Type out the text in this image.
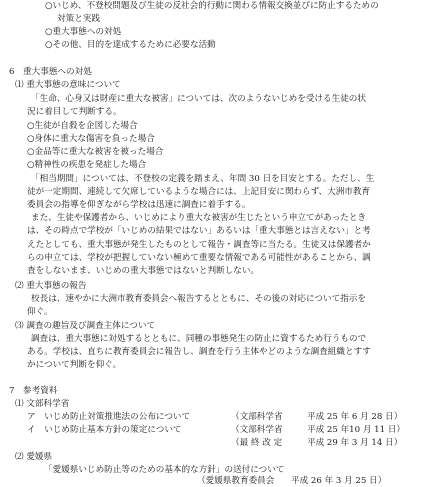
○いじめ、不登校問題及び生徒の反社会的行動に関わる情報交換並びに防止するための
対策と実践
○重大事態への対処
○その他、目的を達成するために必要な活動
6　重大事態への対処
⑴ 重大事態の意味について
「生命、心身又は財産に重大な被害」については、次のようないじめを受ける生徒の状
況に着目して判断する。
○生徒が自殺を企図した場合
○身体に重大な傷害を負った場合
○金品等に重大な被害を被った場合
○精神性の疾患を発症した場合
「相当期間」については、不登校の定義を踏まえ、年間 30 日を目安とする。ただし、生
徒が一定期間、連続して欠席しているような場合には、上記目安に関わらず、大洲市教育
委員会の指導を仰ぎながら学校は迅速に調査に着手する。
また、生徒や保護者から、いじめにより重大な被害が生じたという申立てがあったとき
は、その時点で学校が「いじめの結果ではない」あるいは「重大事態とは言えない」と考
えたとしても、重大事態が発生したものとして報告・調査等に当たる。生徒又は保護者か
らの申立ては、学校が把握していない極めて重要な情報である可能性があることから、調
査をしないまま、いじめの重大事態ではないと判断しない。
⑵ 重大事態の報告
校長は、速やかに大洲市教育委員会へ報告するとともに、その後の対応について指示を
仰ぐ。
⑶ 調査の趣旨及び調査主体について
調査は、重大事態に対処するとともに、同種の事態発生の防止に資するため行うもので
ある。学校は、直ちに教育委員会に報告し、調査を行う主体やどのような調査組織とすす
かについて判断を仰ぐ。
7　参考資料
⑴ 文部科学省
ア　いじめ防止対策推進法の公布について	（文部科学省	平成 25 年 6 月 28 日）
イ　いじめ防止基本方針の策定について	（文部科学省	平成 25 年10 月 11 日）
（最 終 改 定	平成 29 年 3 月 14 日）
⑵ 愛媛県
「愛媛県いじめ防止等のための基本的な方針」の送付について
（愛媛県教育委員会	平成 26 年 3 月 25 日）
